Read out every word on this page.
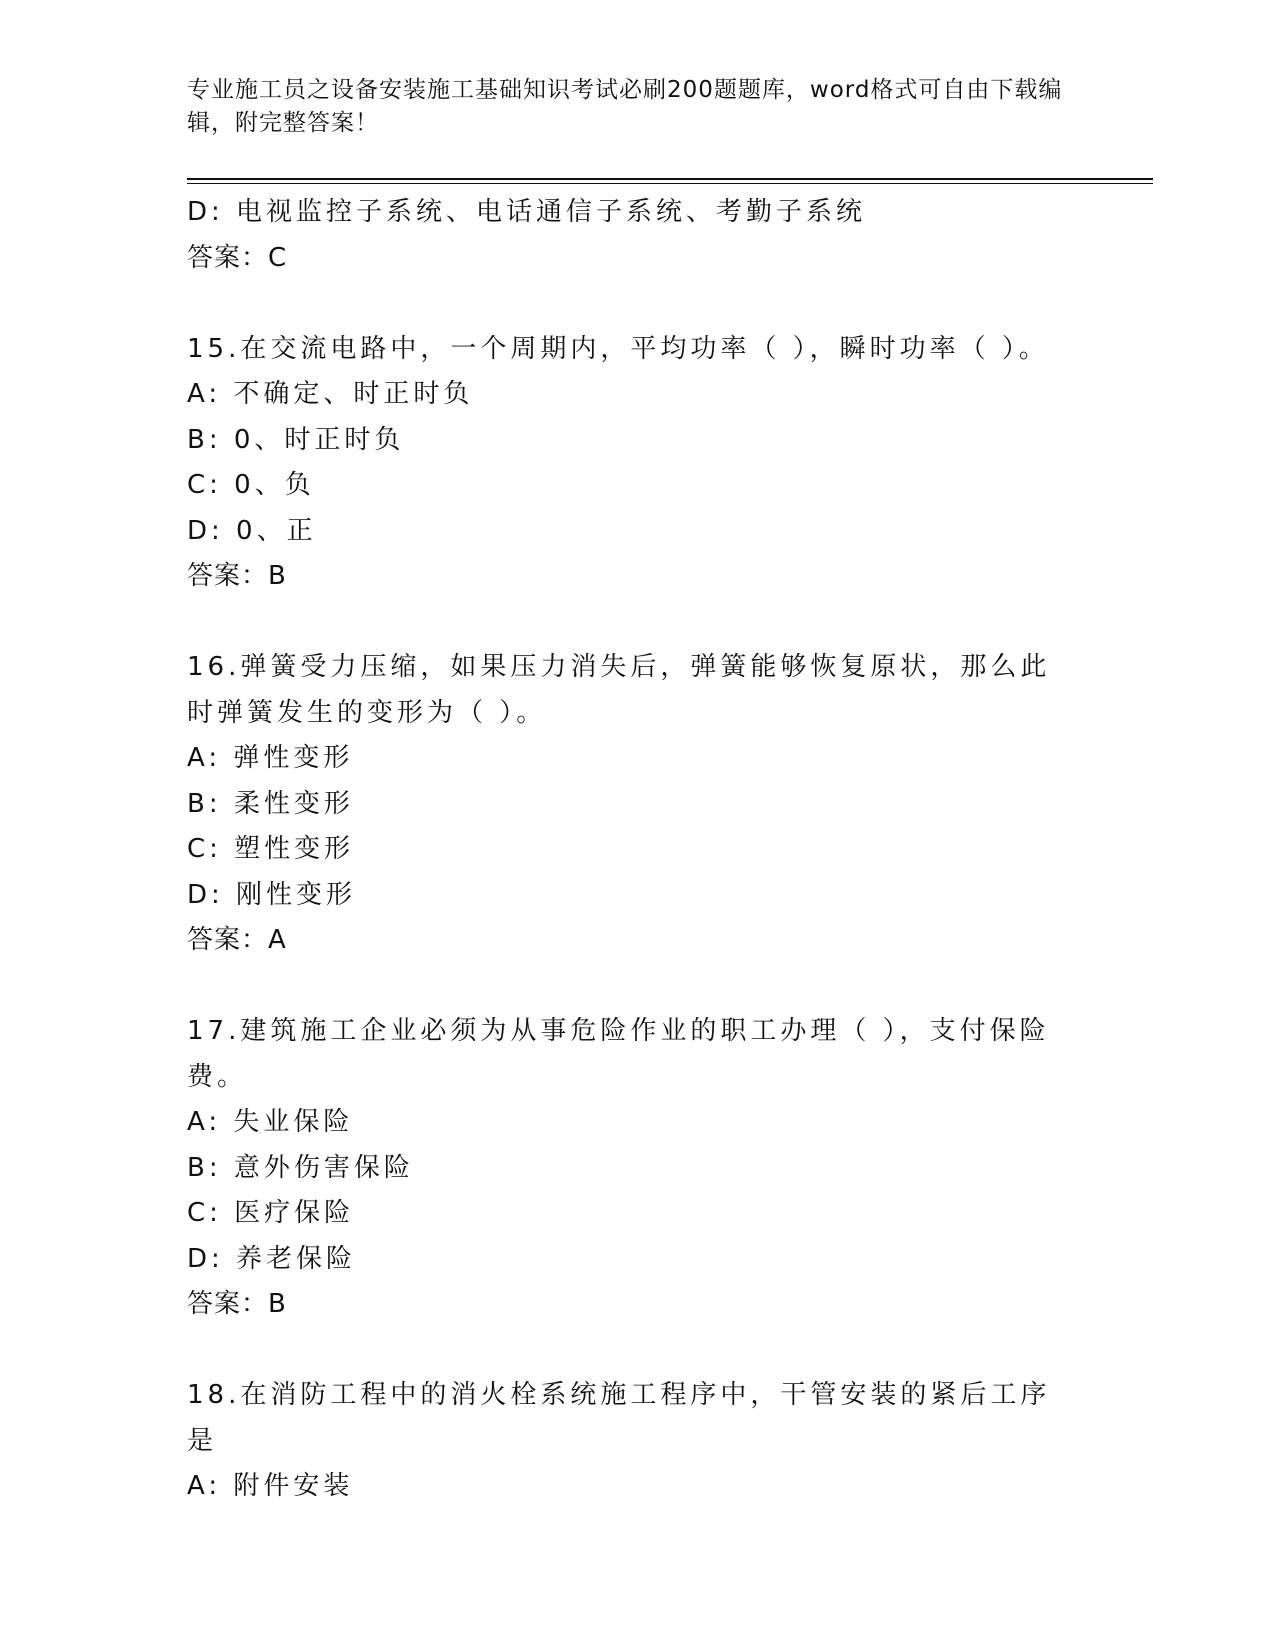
专业施工员之设备安装施工基础知识考试必刷200题题库，word格式可自由下载编辑，附完整答案！
D: 电视监控子系统、电话通信子系统、考勤子系统
答案：C
15.在交流电路中，一个周期内，平均功率（ ），瞬时功率（ ）。
A: 不确定、时正时负
B: 0、时正时负
C: 0、负
D: 0、正
答案：B
16.弹簧受力压缩，如果压力消失后，弹簧能够恢复原状，那么此时弹簧发生的变形为（ ）。
A: 弹性变形
B: 柔性变形
C: 塑性变形
D: 刚性变形
答案：A
17.建筑施工企业必须为从事危险作业的职工办理（ ），支付保险费。
A: 失业保险
B: 意外伤害保险
C: 医疗保险
D: 养老保险
答案：B
18.在消防工程中的消火栓系统施工程序中，干管安装的紧后工序是
A: 附件安装
